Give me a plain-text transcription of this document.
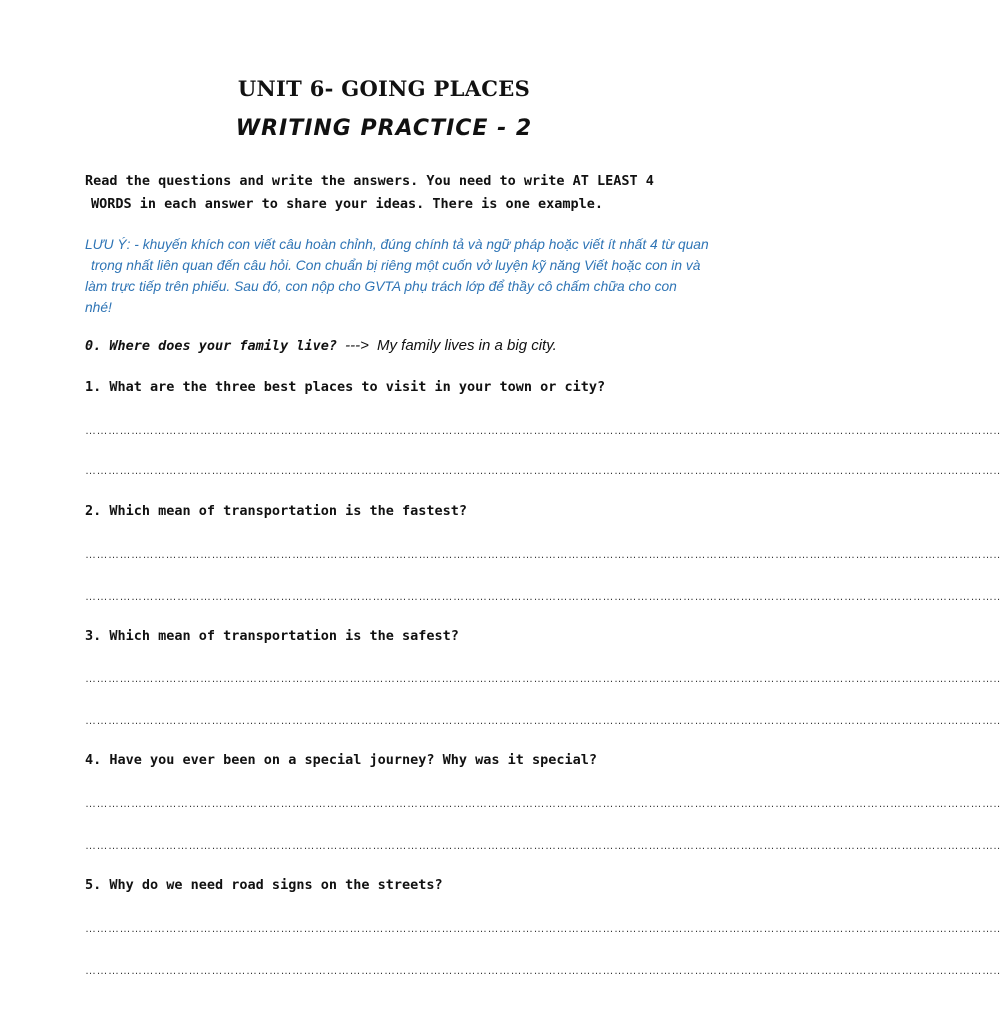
UNIT 6- GOING PLACES
WRITING PRACTICE - 2
Read the questions and write the answers. You need to write AT LEAST 4
WORDS in each answer to share your ideas. There is one example.
LƯU Ý: - khuyến khích con viết câu hoàn chỉnh, đúng chính tả và ngữ pháp hoặc viết ít nhất 4 từ quan
trọng nhất liên quan đến câu hỏi. Con chuẩn bị riêng một cuốn vở luyện kỹ năng Viết hoặc con in và
làm trực tiếp trên phiếu. Sau đó, con nộp cho GVTA phụ trách lớp để thầy cô chấm chữa cho con
nhé!
0. Where does your family live? ---> My family lives in a big city.
1. What are the three best places to visit in your town or city?
…………………………………………………………………………………………………………………………………………………………………………………………………………………..
…………………………………………………………………………………………………………………………………………………………………………………………………………………..
2. Which mean of transportation is the fastest?
…………………………………………………………………………………………………………………………………………………………………………………………………………………..
…………………………………………………………………………………………………………………………………………………………………………………………………………………..
3. Which mean of transportation is the safest?
…………………………………………………………………………………………………………………………………………………………………………………………………………………..
…………………………………………………………………………………………………………………………………………………………………………………………………………………..
4. Have you ever been on a special journey? Why was it special?
…………………………………………………………………………………………………………………………………………………………………………………………………………………..
…………………………………………………………………………………………………………………………………………………………………………………………………………………..
5. Why do we need road signs on the streets?
…………………………………………………………………………………………………………………………………………………………………………………………………………………..
…………………………………………………………………………………………………………………………………………………………………………………………………………………..
